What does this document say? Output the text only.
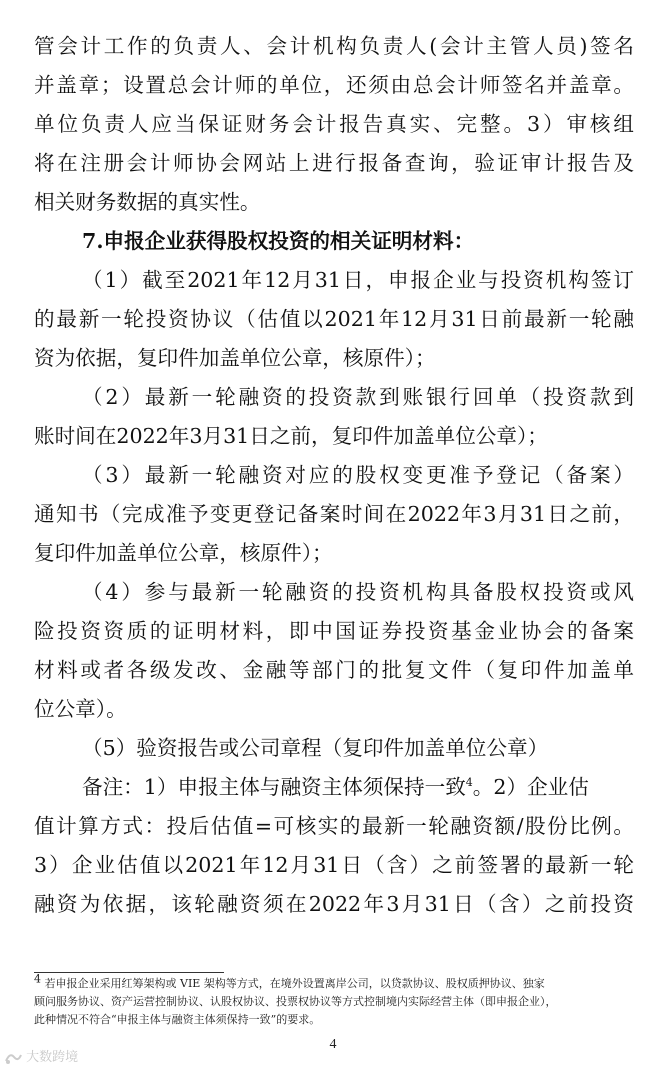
管会计工作的负责人、会计机构负责人(会计主管人员)签名
并盖章；设置总会计师的单位，还须由总会计师签名并盖章。
单位负责人应当保证财务会计报告真实、完整。3）审核组
将在注册会计师协会网站上进行报备查询，验证审计报告及
相关财务数据的真实性。
7.申报企业获得股权投资的相关证明材料：
（1）截至2021年12月31日，申报企业与投资机构签订
的最新一轮投资协议（估值以2021年12月31日前最新一轮融
资为依据，复印件加盖单位公章，核原件）；
（2）最新一轮融资的投资款到账银行回单（投资款到
账时间在2022年3月31日之前，复印件加盖单位公章）；
（3）最新一轮融资对应的股权变更准予登记（备案）
通知书（完成准予变更登记备案时间在2022年3月31日之前，
复印件加盖单位公章，核原件）；
（4）参与最新一轮融资的投资机构具备股权投资或风
险投资资质的证明材料，即中国证券投资基金业协会的备案
材料或者各级发改、金融等部门的批复文件（复印件加盖单
位公章）。
（5）验资报告或公司章程（复印件加盖单位公章）
备注：1）申报主体与融资主体须保持一致$^4$。2）企业估
值计算方式：投后估值=可核实的最新一轮融资额/股份比例。
3）企业估值以2021年12月31日（含）之前签署的最新一轮
融资为依据，该轮融资须在2022年3月31日（含）之前投资
$^4$ 若申报企业采用红筹架构或 VIE 架构等方式，在境外设置离岸公司，以贷款协议、股权质押协议、独家
顾问服务协议、资产运营控制协议、认股权协议、投票权协议等方式控制境内实际经营主体（即申报企业），
此种情况不符合“申报主体与融资主体须保持一致”的要求。
4
大数跨境
